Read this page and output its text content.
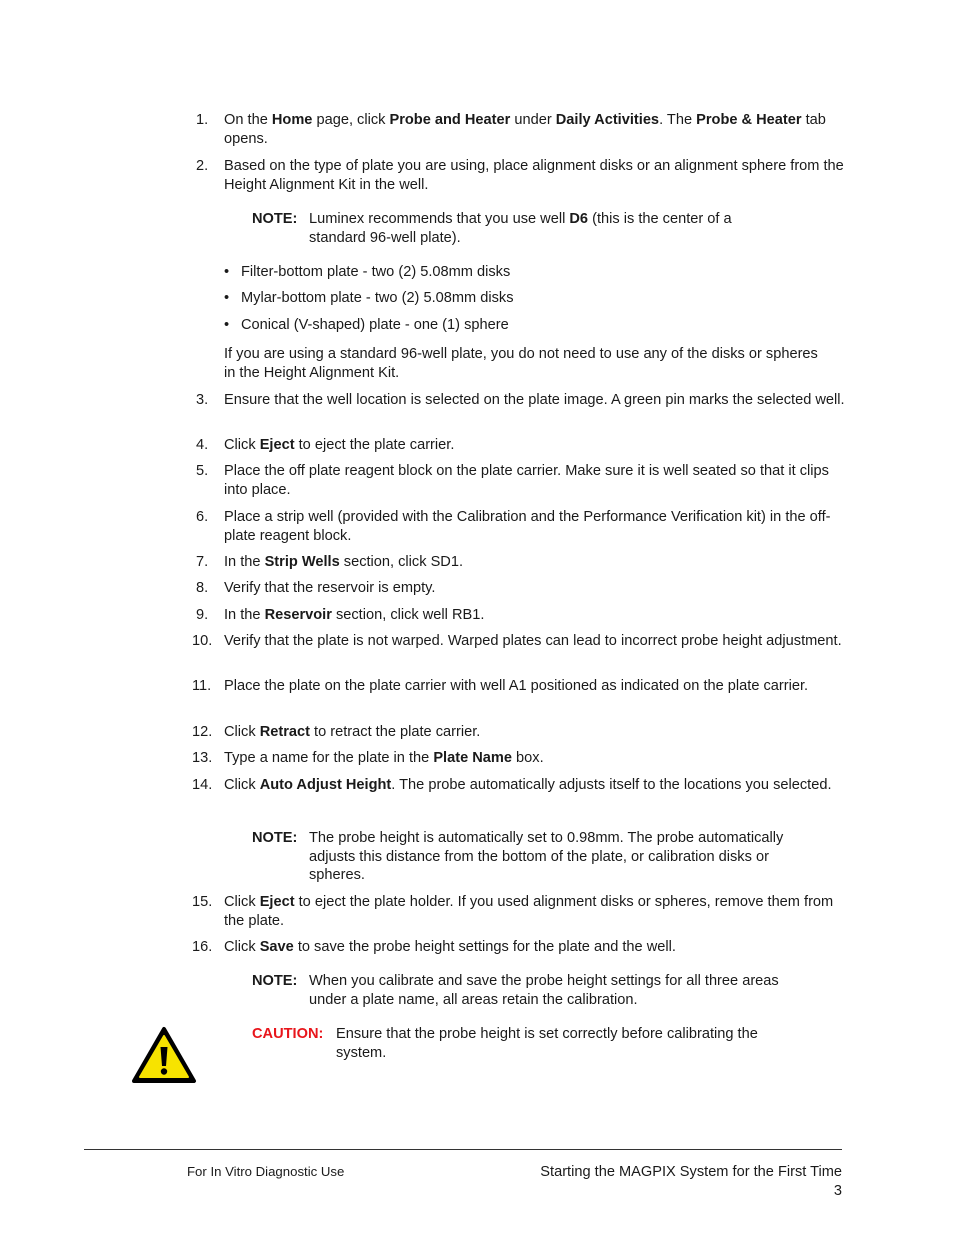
1. On the Home page, click Probe and Heater under Daily Activities. The Probe & Heater tab opens.
2. Based on the type of plate you are using, place alignment disks or an alignment sphere from the Height Alignment Kit in the well.
NOTE: Luminex recommends that you use well D6 (this is the center of a standard 96-well plate).
• Filter-bottom plate - two (2) 5.08mm disks
• Mylar-bottom plate - two (2) 5.08mm disks
• Conical (V-shaped) plate - one (1) sphere
If you are using a standard 96-well plate, you do not need to use any of the disks or spheres in the Height Alignment Kit.
3. Ensure that the well location is selected on the plate image. A green pin marks the selected well.
4. Click Eject to eject the plate carrier.
5. Place the off plate reagent block on the plate carrier. Make sure it is well seated so that it clips into place.
6. Place a strip well (provided with the Calibration and the Performance Verification kit) in the off-plate reagent block.
7. In the Strip Wells section, click SD1.
8. Verify that the reservoir is empty.
9. In the Reservoir section, click well RB1.
10. Verify that the plate is not warped. Warped plates can lead to incorrect probe height adjustment.
11. Place the plate on the plate carrier with well A1 positioned as indicated on the plate carrier.
12. Click Retract to retract the plate carrier.
13. Type a name for the plate in the Plate Name box.
14. Click Auto Adjust Height. The probe automatically adjusts itself to the locations you selected.
NOTE: The probe height is automatically set to 0.98mm. The probe automatically adjusts this distance from the bottom of the plate, or calibration disks or spheres.
15. Click Eject to eject the plate holder. If you used alignment disks or spheres, remove them from the plate.
16. Click Save to save the probe height settings for the plate and the well.
NOTE: When you calibrate and save the probe height settings for all three areas under a plate name, all areas retain the calibration.
CAUTION: Ensure that the probe height is set correctly before calibrating the system.
For In Vitro Diagnostic Use	Starting the MAGPIX System for the First Time
3
